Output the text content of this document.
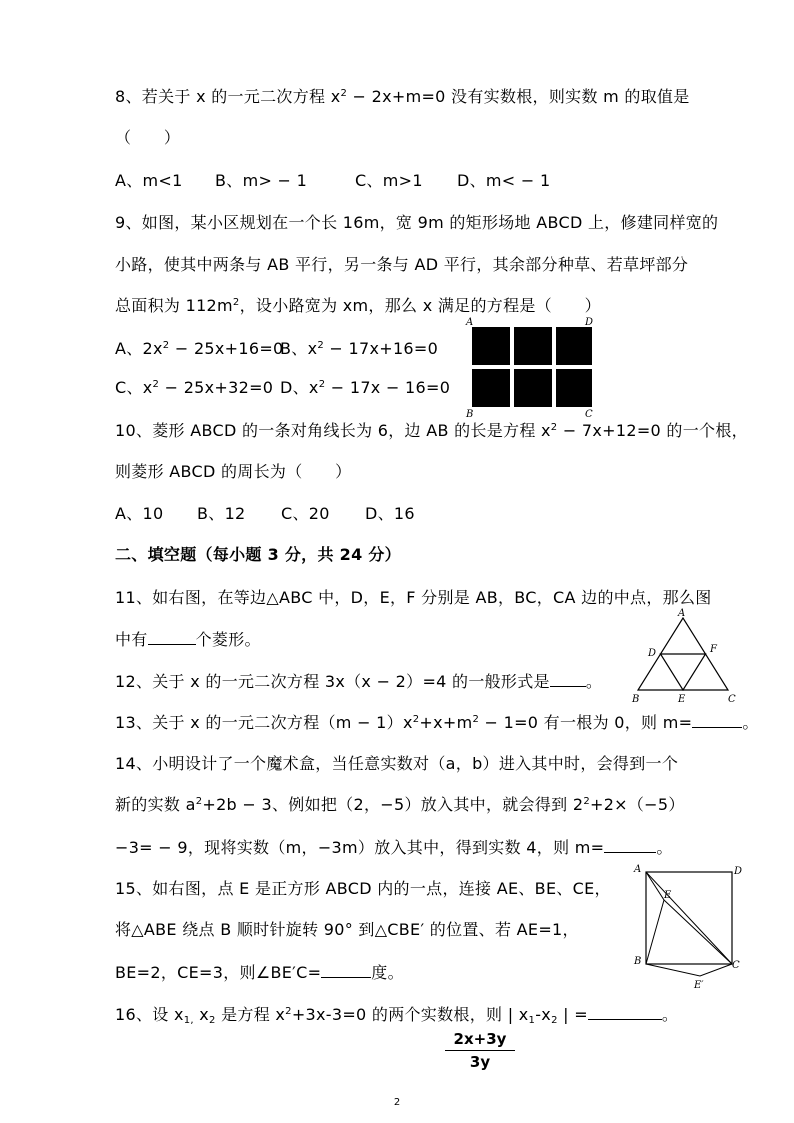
8、若关于 x 的一元二次方程 $x^2 - 2x+m=0$ 没有实数根，则实数 m 的取值是
（　　）
A、m<1 B、m> − 1	C、m>1 D、m< − 1
9、如图，某小区规划在一个长 16m，宽 9m 的矩形场地 ABCD 上，修建同样宽的
小路，使其中两条与 AB 平行，另一条与 AD 平行，其余部分种草、若草坪部分
总面积为 $112m^2$，设小路宽为 xm，那么 x 满足的方程是（　　）
A、$2x^2 - 25x+16=0B$、$x^2 - 17x+16=0$
C、$x^2 - 25x+32=0$ D、$x^2 - 17x - 16=0$
A	D
B	C
10、菱形 ABCD 的一条对角线长为 6，边 AB 的长是方程 $x^2 - 7x+12=0$ 的一个根，
则菱形 ABCD 的周长为（　　）
A、10 B、12 C、20 D、16
二、填空题（每小题 3 分，共 24 分）
11、如右图，在等边△ABC 中，D，E，F 分别是 AB，BC，CA 边的中点，那么图
中有	个菱形。
A
D	F
B	E	C
12、关于 x 的一元二次方程 3x（x − 2）=4 的一般形式是 。
13、关于 x 的一元二次方程$(m - 1)x^2+x+m^2 - 1=0$ 有一根为 0，则 m=	。
14、小明设计了一个魔术盒，当任意实数对（a，b）进入其中时，会得到一个
新的实数 $a^2+2b - 3$、例如把（2，−5）放入其中，就会得到 $2^2+2\times(-5)$
−3= − 9，现将实数（m，−3m）放入其中，得到实数 4，则 m=	。
15、如右图，点 E 是正方形 ABCD 内的一点，连接 AE、BE、CE，
将△ABE 绕点 B 顺时针旋转 90° 到△CBE′ 的位置、若 AE=1，
BE=2，CE=3，则∠BE′C=	度。
A	D
E
B	C
E′
16、设 $x_{1,}$ $x_2$ 是方程 $x^2+3x-3=0$ 的两个实数根，则 | $x_1-x_2$ | =	。
2x+3y
3y
2
